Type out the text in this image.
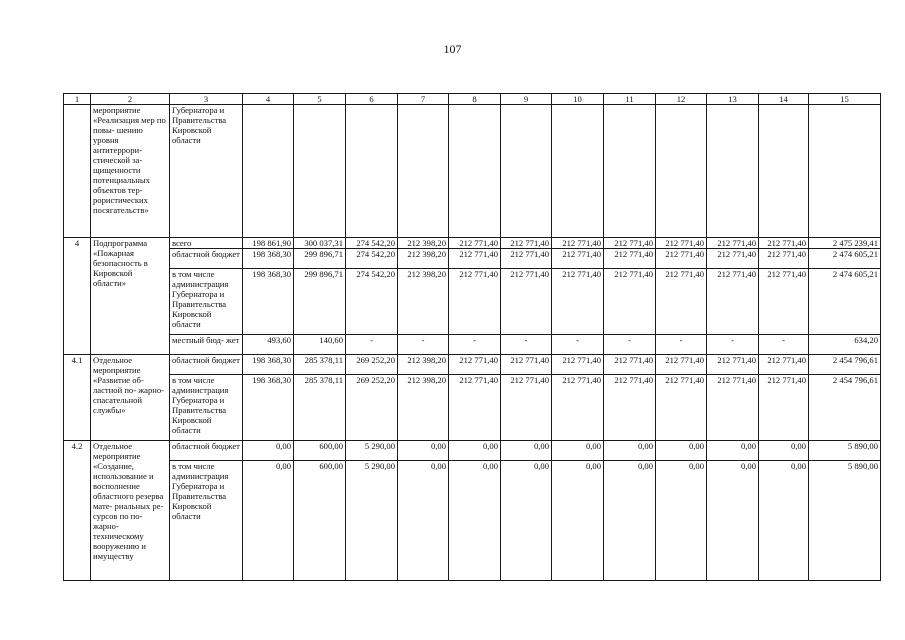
107
1	2	3	4	5	6	7	8	9	10	11	12	13	14	15
	мероприятие «Реализация мер по повы- шению уровня антитеррори- стической за- щищенности потенциальных объектов тер- рористических посягательств»	Губернатора и Правительства Кировской области												
4	Подпрограмма «Пожарная безопасность в Кировской области»	всего	198 861,90	300 037,31	274 542,20	212 398,20	212 771,40	212 771,40	212 771,40	212 771,40	212 771,40	212 771,40	212 771,40	2 475 239,41
		областной бюджет	198 368,30	299 896,71	274 542,20	212 398,20	212 771,40	212 771,40	212 771,40	212 771,40	212 771,40	212 771,40	212 771,40	2 474 605,21
		в том числе администрация Губернатора и Правительства Кировской области	198 368,30	299 896,71	274 542,20	212 398,20	212 771,40	212 771,40	212 771,40	212 771,40	212 771,40	212 771,40	212 771,40	2 474 605,21
		местный бюд- жет	493,60	140,60	-	-	-	-	-	-	-	-	-	634,20
4.1	Отдельное мероприятие «Развитие об- ластной по- жарно- спасательной службы»	областной бюджет	198 368,30	285 378,11	269 252,20	212 398,20	212 771,40	212 771,40	212 771,40	212 771,40	212 771,40	212 771,40	212 771,40	2 454 796,61
		в том числе администрация Губернатора и Правительства Кировской области	198 368,30	285 378,11	269 252,20	212 398,20	212 771,40	212 771,40	212 771,40	212 771,40	212 771,40	212 771,40	212 771,40	2 454 796,61
4.2	Отдельное мероприятие «Создание, использование и восполнение областного резерва мате- риальных ре- сурсов по по- жарно- техническому вооружению и имуществу	областной бюджет	0,00	600,00	5 290,00	0,00	0,00	0,00	0,00	0,00	0,00	0,00	0,00	5 890,00
		в том числе администрация Губернатора и Правительства Кировской области	0,00	600,00	5 290,00	0,00	0,00	0,00	0,00	0,00	0,00	0,00	0,00	5 890,00
